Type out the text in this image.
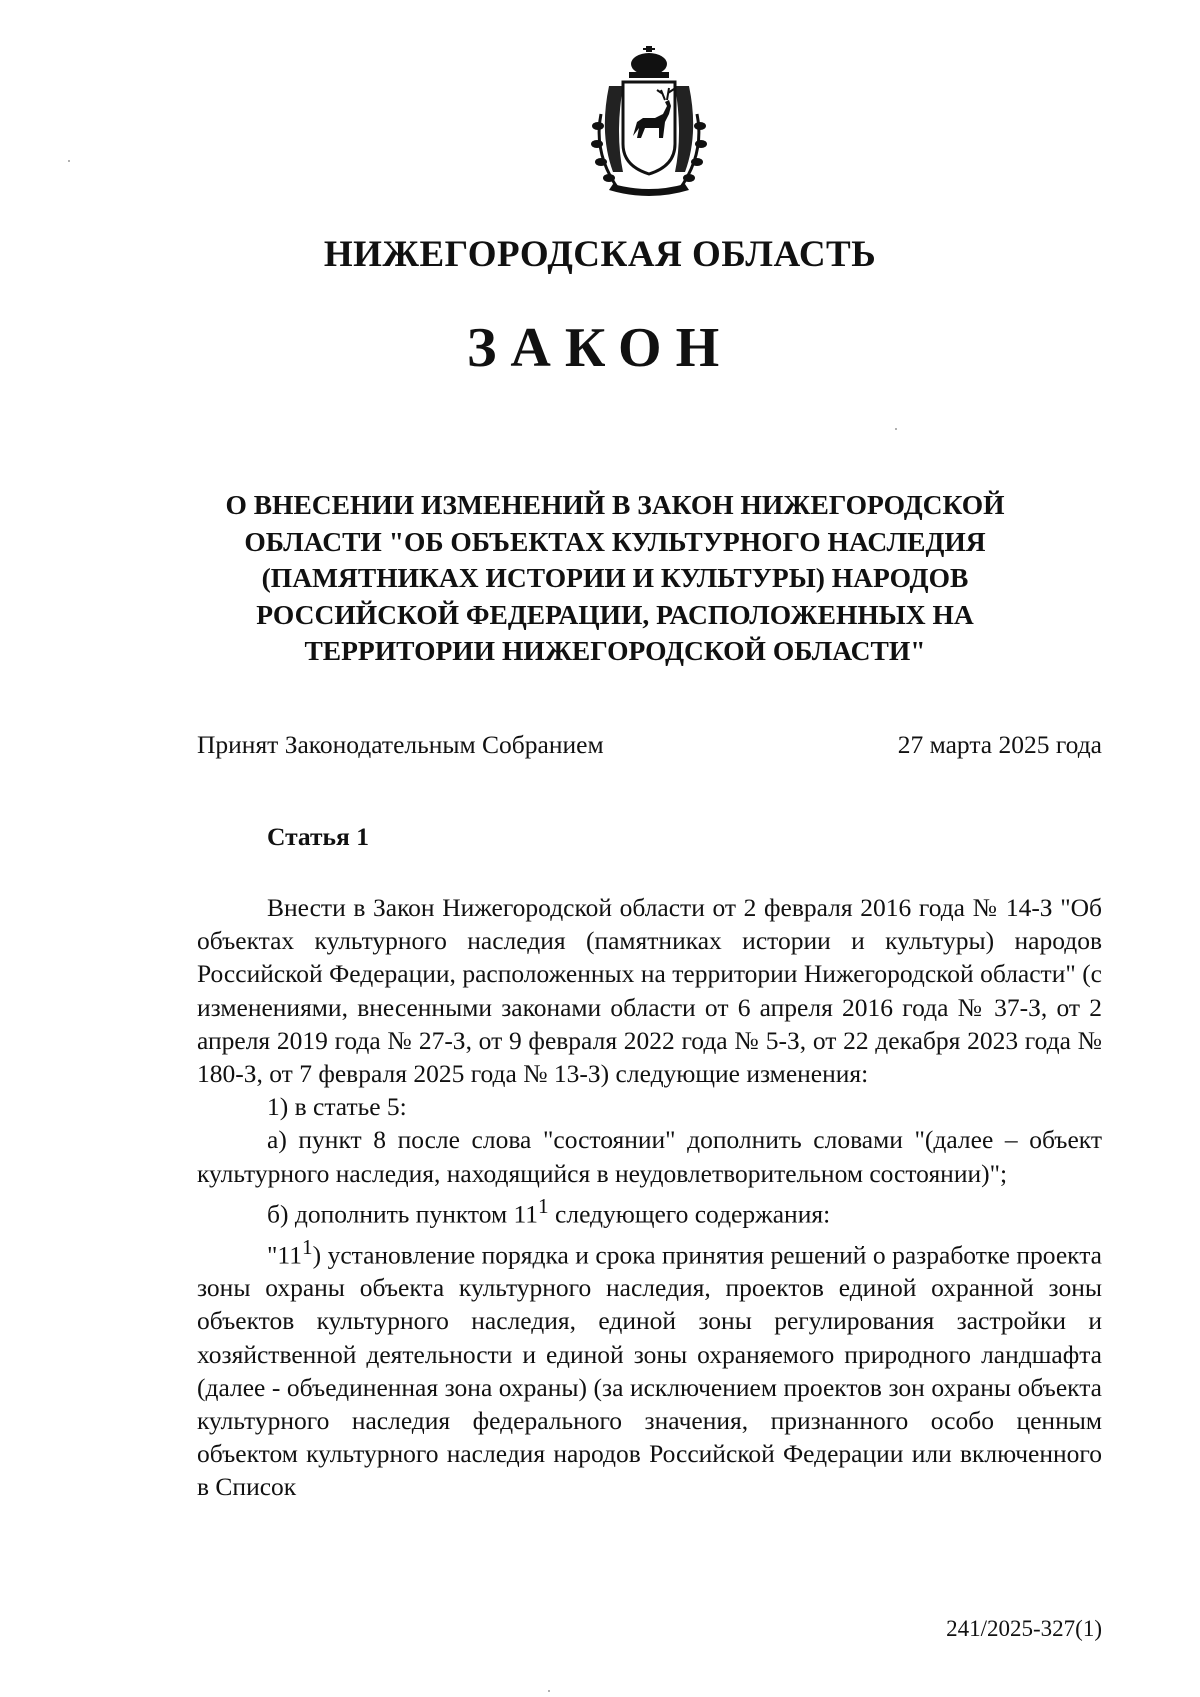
НИЖЕГОРОДСКАЯ ОБЛАСТЬ
ЗАКОН
О ВНЕСЕНИИ ИЗМЕНЕНИЙ В ЗАКОН НИЖЕГОРОДСКОЙ
ОБЛАСТИ "ОБ ОБЪЕКТАХ КУЛЬТУРНОГО НАСЛЕДИЯ
(ПАМЯТНИКАХ ИСТОРИИ И КУЛЬТУРЫ) НАРОДОВ
РОССИЙСКОЙ ФЕДЕРАЦИИ, РАСПОЛОЖЕННЫХ НА
ТЕРРИТОРИИ НИЖЕГОРОДСКОЙ ОБЛАСТИ"
Принят Законодательным Собранием	27 марта 2025 года
Статья 1

Внести в Закон Нижегородской области от 2 февраля 2016 года № 14-З "Об объектах культурного наследия (памятниках истории и культуры) народов Российской Федерации, расположенных на территории Нижегородской области" (с изменениями, внесенными законами области от 6 апреля 2016 года № 37-З, от 2 апреля 2019 года № 27-З, от 9 февраля 2022 года № 5-З, от 22 декабря 2023 года № 180-З, от 7 февраля 2025 года № 13-З) следующие изменения:

1) в статье 5:

а) пункт 8 после слова "состоянии" дополнить словами "(далее – объект культурного наследия, находящийся в неудовлетворительном состоянии)";

б) дополнить пунктом $11^1$ следующего содержания:

"$11^1$) установление порядка и срока принятия решений о разработке проекта зоны охраны объекта культурного наследия, проектов единой охранной зоны объектов культурного наследия, единой зоны регулирования застройки и хозяйственной деятельности и единой зоны охраняемого природного ландшафта (далее - объединенная зона охраны) (за исключением проектов зон охраны объекта культурного наследия федерального значения, признанного особо ценным объектом культурного наследия народов Российской Федерации или включенного в Список

241/2025-327(1)
